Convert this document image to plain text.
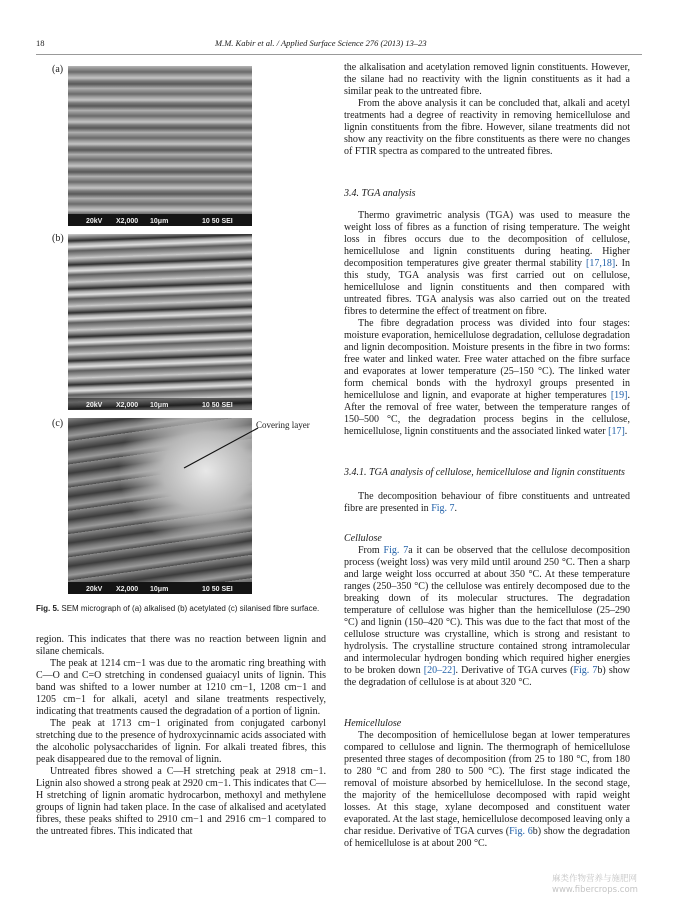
18	M.M. Kabir et al. / Applied Surface Science 276 (2013) 13–23
(a)
20kV X2,000 10μm	10 50 SEI
(b)
20kV X2,000 10μm	10 50 SEI
(c)
20kV X2,000 10μm	10 50 SEI
Covering layer
Fig. 5. SEM micrograph of (a) alkalised (b) acetylated (c) silanised fibre surface.

region. This indicates that there was no reaction between lignin and silane chemicals.

The peak at 1214 cm−1 was due to the aromatic ring breathing with C—O and C=O stretching in condensed guaiacyl units of lignin. This band was shifted to a lower number at 1210 cm−1, 1208 cm−1 and 1205 cm−1 for alkali, acetyl and silane treatments respectively, indicating that treatments caused the degradation of a portion of lignin.

The peak at 1713 cm−1 originated from conjugated carbonyl stretching due to the presence of hydroxycinnamic acids associated with the alcoholic polysaccharides of lignin. For alkali treated fibres, this peak disappeared due to the removal of lignin.

Untreated fibres showed a C—H stretching peak at 2918 cm−1. Lignin also showed a strong peak at 2920 cm−1. This indicates that C—H stretching of lignin aromatic hydrocarbon, methoxyl and methylene groups of lignin had taken place. In the case of alkalised and acetylated fibres, these peaks shifted to 2910 cm−1 and 2916 cm−1 compared to the untreated fibres. This indicated that

the alkalisation and acetylation removed lignin constituents. However, the silane had no reactivity with the lignin constituents as it had a similar peak to the untreated fibre.

From the above analysis it can be concluded that, alkali and acetyl treatments had a degree of reactivity in removing hemicellulose and lignin constituents from the fibre. However, silane treatments did not show any reactivity on the fibre constituents as there were no changes of FTIR spectra as compared to the untreated fibres.

3.4. TGA analysis

Thermo gravimetric analysis (TGA) was used to measure the weight loss of fibres as a function of rising temperature. The weight loss in fibres occurs due to the decomposition of cellulose, hemicellulose and lignin constituents during heating. Higher decomposition temperatures give greater thermal stability [17,18]. In this study, TGA analysis was first carried out on cellulose, hemicellulose and lignin constituents and then compared with untreated fibres. TGA analysis was also carried out on the treated fibres to determine the effect of treatment on fibre.

The fibre degradation process was divided into four stages: moisture evaporation, hemicellulose degradation, cellulose degradation and lignin decomposition. Moisture presents in the fibre in two forms: free water and linked water. Free water attached on the fibre surface and evaporates at lower temperature (25–150 °C). The linked water form chemical bonds with the hydroxyl groups presented in hemicellulose and lignin, and evaporate at higher temperatures [19]. After the removal of free water, between the temperature ranges of 150–500 °C, the degradation process begins in the cellulose, hemicellulose, lignin constituents and the associated linked water [17].

3.4.1. TGA analysis of cellulose, hemicellulose and lignin constituents

The decomposition behaviour of fibre constituents and untreated fibre are presented in Fig. 7.

Cellulose

From Fig. 7a it can be observed that the cellulose decomposition process (weight loss) was very mild until around 250 °C. Then a sharp and large weight loss occurred at about 350 °C. At these temperature ranges (250–350 °C) the cellulose was entirely decomposed due to the breaking down of its molecular structures. The degradation temperature of cellulose was higher than the hemicellulose (25–290 °C) and lignin (150–420 °C). This was due to the fact that most of the cellulose structure was crystalline, which is strong and resistant to hydrolysis. The crystalline structure contained strong intramolecular and intermolecular hydrogen bonding which required higher energies to be broken down [20–22]. Derivative of TGA curves (Fig. 7b) show the degradation of cellulose is at about 320 °C.

Hemicellulose

The decomposition of hemicellulose began at lower temperatures compared to cellulose and lignin. The thermograph of hemicellulose presented three stages of decomposition (from 25 to 180 °C, from 180 to 280 °C and from 280 to 500 °C). The first stage indicated the removal of moisture absorbed by hemicellulose. In the second stage, the majority of the hemicellulose decomposed with rapid weight losses. At this stage, xylane decomposed and constituent water evaporated. At the last stage, hemicellulose decomposed leaving only a char residue. Derivative of TGA curves (Fig. 6b) show the degradation of hemicellulose is at about 200 °C.

麻类作物营养与施肥网
www.fibercrops.com
